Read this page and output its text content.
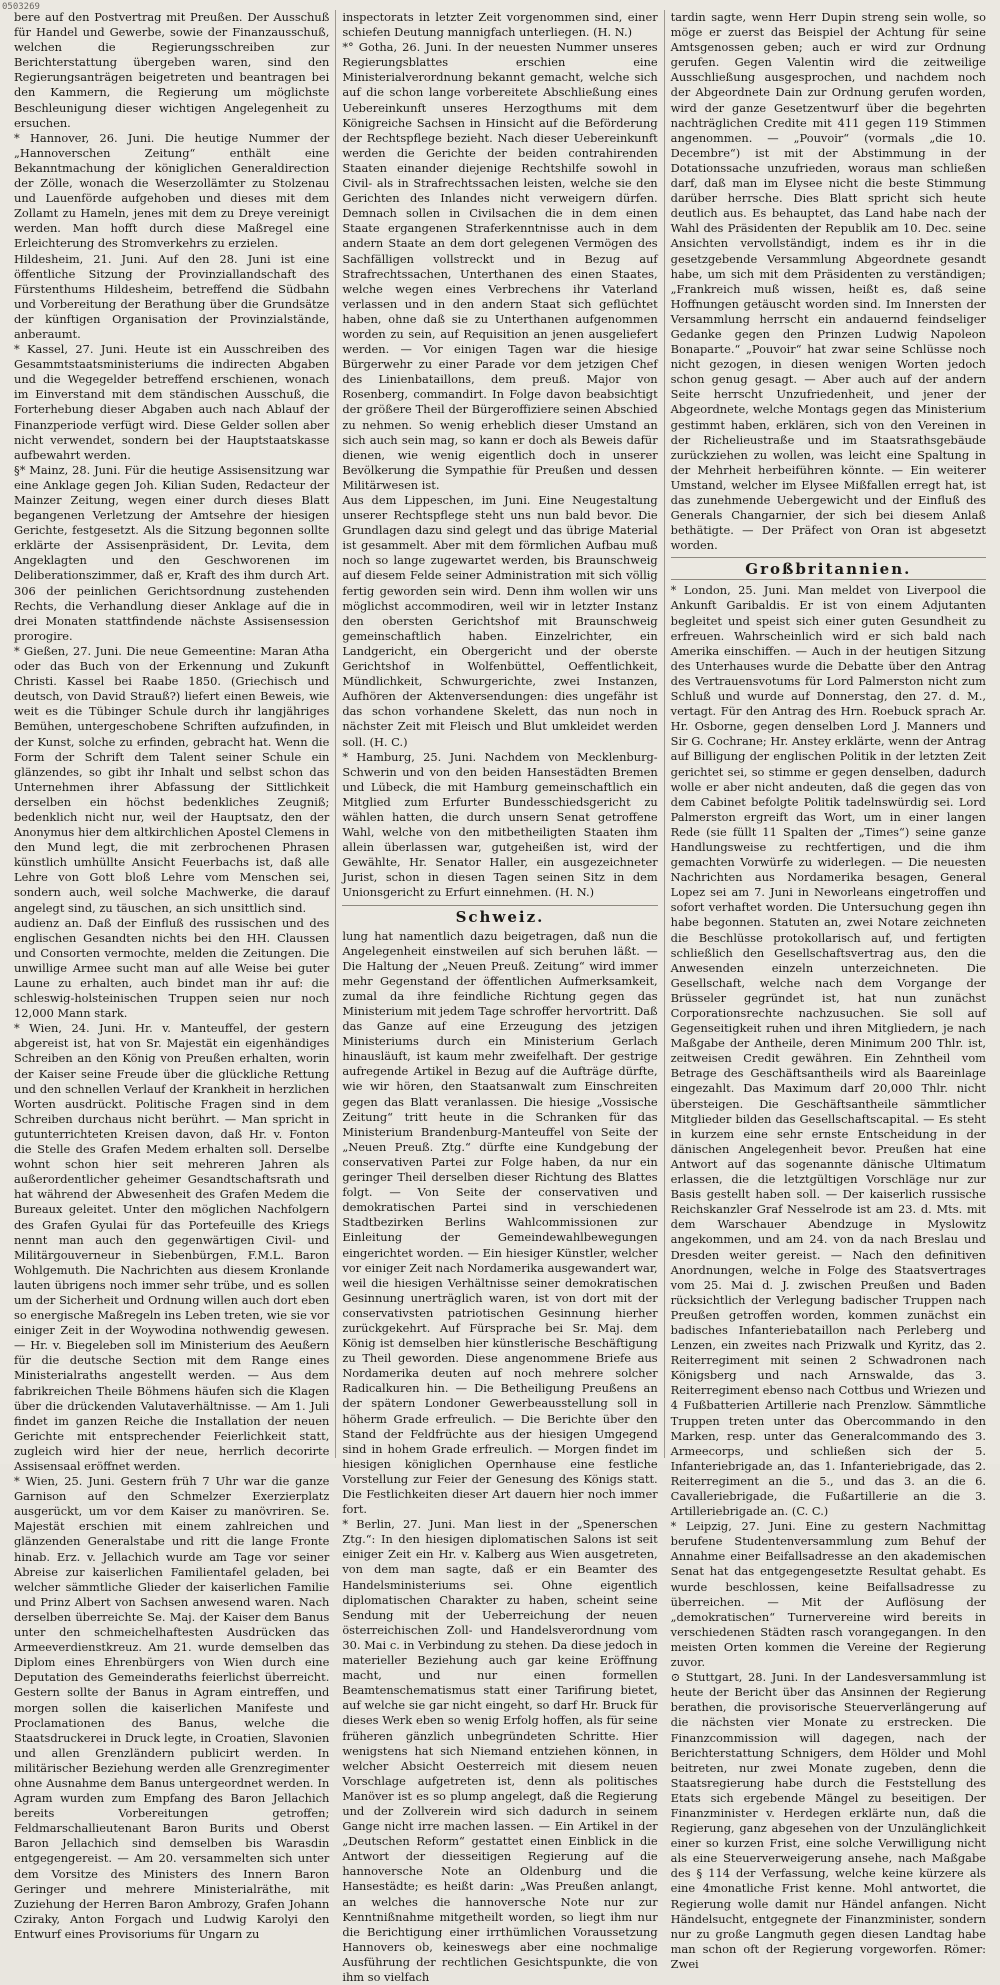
0503269

bere auf den Postvertrag mit Preußen. Der Ausschuß für Handel und Gewerbe, sowie der Finanzausschuß, welchen die Regierungsschreiben zur Berichterstattung übergeben waren, sind den Regierungsanträgen beigetreten und beantragen bei den Kammern, die Regierung um möglichste Beschleunigung dieser wichtigen Angelegenheit zu ersuchen.

* Hannover, 26. Juni. Die heutige Nummer der „Hannoverschen Zeitung“ enthält eine Bekanntmachung der königlichen Generaldirection der Zölle, wonach die Weserzollämter zu Stolzenau und Lauenförde aufgehoben und dieses mit dem Zollamt zu Hameln, jenes mit dem zu Dreye vereinigt werden. Man hofft durch diese Maßregel eine Erleichterung des Stromverkehrs zu erzielen.

Hildesheim, 21. Juni. Auf den 28. Juni ist eine öffentliche Sitzung der Provinziallandschaft des Fürstenthums Hildesheim, betreffend die Südbahn und Vorbereitung der Berathung über die Grundsätze der künftigen Organisation der Provinzialstände, anberaumt.

* Kassel, 27. Juni. Heute ist ein Ausschreiben des Gesammtstaatsministeriums die indirecten Abgaben und die Wegegelder betreffend erschienen, wonach im Einverstand mit dem ständischen Ausschuß, die Forterhebung dieser Abgaben auch nach Ablauf der Finanzperiode verfügt wird. Diese Gelder sollen aber nicht verwendet, sondern bei der Hauptstaatskasse aufbewahrt werden.

§* Mainz, 28. Juni. Für die heutige Assisensitzung war eine Anklage gegen Joh. Kilian Suden, Redacteur der Mainzer Zeitung, wegen einer durch dieses Blatt begangenen Verletzung der Amtsehre der hiesigen Gerichte, festgesetzt. Als die Sitzung begonnen sollte erklärte der Assisenpräsident, Dr. Levita, dem Angeklagten und den Geschworenen im Deliberationszimmer, daß er, Kraft des ihm durch Art. 306 der peinlichen Gerichtsordnung zustehenden Rechts, die Verhandlung dieser Anklage auf die in drei Monaten stattfindende nächste Assisensession prorogire.

* Gießen, 27. Juni. Die neue Gemeentine: Maran Atha oder das Buch von der Erkennung und Zukunft Christi. Kassel bei Raabe 1850. (Griechisch und deutsch, von David Strauß?) liefert einen Beweis, wie weit es die Tübinger Schule durch ihr langjähriges Bemühen, untergeschobene Schriften aufzufinden, in der Kunst, solche zu erfinden, gebracht hat. Wenn die Form der Schrift dem Talent seiner Schule ein glänzendes, so gibt ihr Inhalt und selbst schon das Unternehmen ihrer Abfassung der Sittlichkeit derselben ein höchst bedenkliches Zeugniß; bedenklich nicht nur, weil der Hauptsatz, den der Anonymus hier dem altkirchlichen Apostel Clemens in den Mund legt, die mit zerbrochenen Phrasen künstlich umhüllte Ansicht Feuerbachs ist, daß alle Lehre von Gott bloß Lehre vom Menschen sei, sondern auch, weil solche Machwerke, die darauf angelegt sind, zu täuschen, an sich unsittlich sind.

audienz an. Daß der Einfluß des russischen und des englischen Gesandten nichts bei den HH. Claussen und Consorten vermochte, melden die Zeitungen. Die unwillige Armee sucht man auf alle Weise bei guter Laune zu erhalten, auch bindet man ihr auf: die schleswig-holsteinischen Truppen seien nur noch 12,000 Mann stark.

* Wien, 24. Juni. Hr. v. Manteuffel, der gestern abgereist ist, hat von Sr. Majestät ein eigenhändiges Schreiben an den König von Preußen erhalten, worin der Kaiser seine Freude über die glückliche Rettung und den schnellen Verlauf der Krankheit in herzlichen Worten ausdrückt. Politische Fragen sind in dem Schreiben durchaus nicht berührt. — Man spricht in gutunterrichteten Kreisen davon, daß Hr. v. Fonton die Stelle des Grafen Medem erhalten soll. Derselbe wohnt schon hier seit mehreren Jahren als außerordentlicher geheimer Gesandtschaftsrath und hat während der Abwesenheit des Grafen Medem die Bureaux geleitet. Unter den möglichen Nachfolgern des Grafen Gyulai für das Portefeuille des Kriegs nennt man auch den gegenwärtigen Civil- und Militärgouverneur in Siebenbürgen, F.M.L. Baron Wohlgemuth. Die Nachrichten aus diesem Kronlande lauten übrigens noch immer sehr trübe, und es sollen um der Sicherheit und Ordnung willen auch dort eben so energische Maßregeln ins Leben treten, wie sie vor einiger Zeit in der Woywodina nothwendig gewesen. — Hr. v. Biegeleben soll im Ministerium des Aeußern für die deutsche Section mit dem Range eines Ministerialraths angestellt werden. — Aus dem fabrikreichen Theile Böhmens häufen sich die Klagen über die drückenden Valutaverhältnisse. — Am 1. Juli findet im ganzen Reiche die Installation der neuen Gerichte mit entsprechender Feierlichkeit statt, zugleich wird hier der neue, herrlich decorirte Assisensaal eröffnet werden.

* Wien, 25. Juni. Gestern früh 7 Uhr war die ganze Garnison auf den Schmelzer Exerzierplatz ausgerückt, um vor dem Kaiser zu manövriren. Se. Majestät erschien mit einem zahlreichen und glänzenden Generalstabe und ritt die lange Fronte hinab. Erz. v. Jellachich wurde am Tage vor seiner Abreise zur kaiserlichen Familientafel geladen, bei welcher sämmtliche Glieder der kaiserlichen Familie und Prinz Albert von Sachsen anwesend waren. Nach derselben überreichte Se. Maj. der Kaiser dem Banus unter den schmeichelhaftesten Ausdrücken das Armeeverdienstkreuz. Am 21. wurde demselben das Diplom eines Ehrenbürgers von Wien durch eine Deputation des Gemeinderaths feierlichst überreicht. Gestern sollte der Banus in Agram eintreffen, und morgen sollen die kaiserlichen Manifeste und Proclamationen des Banus, welche die Staatsdruckerei in Druck legte, in Croatien, Slavonien und allen Grenzländern publicirt werden. In militärischer Beziehung werden alle Grenzregimenter ohne Ausnahme dem Banus untergeordnet werden. In Agram wurden zum Empfang des Baron Jellachich bereits Vorbereitungen getroffen; Feldmarschallieutenant Baron Burits und Oberst Baron Jellachich sind demselben bis Warasdin entgegengereist. — Am 20. versammelten sich unter dem Vorsitze des Ministers des Innern Baron Geringer und mehrere Ministerialräthe, mit Zuziehung der Herren Baron Ambrozy, Grafen Johann Cziraky, Anton Forgach und Ludwig Karolyi den Entwurf eines Provisoriums für Ungarn zu

inspectorats in letzter Zeit vorgenommen sind, einer schiefen Deutung mannigfach unterliegen. (H. N.)

*° Gotha, 26. Juni. In der neuesten Nummer unseres Regierungsblattes erschien eine Ministerialverordnung bekannt gemacht, welche sich auf die schon lange vorbereitete Abschließung eines Uebereinkunft unseres Herzogthums mit dem Königreiche Sachsen in Hinsicht auf die Beförderung der Rechtspflege bezieht. Nach dieser Uebereinkunft werden die Gerichte der beiden contrahirenden Staaten einander diejenige Rechtshilfe sowohl in Civil- als in Strafrechtssachen leisten, welche sie den Gerichten des Inlandes nicht verweigern dürfen. Demnach sollen in Civilsachen die in dem einen Staate ergangenen Straferkenntnisse auch in dem andern Staate an dem dort gelegenen Vermögen des Sachfälligen vollstreckt und in Bezug auf Strafrechtssachen, Unterthanen des einen Staates, welche wegen eines Verbrechens ihr Vaterland verlassen und in den andern Staat sich geflüchtet haben, ohne daß sie zu Unterthanen aufgenommen worden zu sein, auf Requisition an jenen ausgeliefert werden. — Vor einigen Tagen war die hiesige Bürgerwehr zu einer Parade vor dem jetzigen Chef des Linienbataillons, dem preuß. Major von Rosenberg, commandirt. In Folge davon beabsichtigt der größere Theil der Bürgeroffiziere seinen Abschied zu nehmen. So wenig erheblich dieser Umstand an sich auch sein mag, so kann er doch als Beweis dafür dienen, wie wenig eigentlich doch in unserer Bevölkerung die Sympathie für Preußen und dessen Militärwesen ist.

Aus dem Lippeschen, im Juni. Eine Neugestaltung unserer Rechtspflege steht uns nun bald bevor. Die Grundlagen dazu sind gelegt und das übrige Material ist gesammelt. Aber mit dem förmlichen Aufbau muß noch so lange zugewartet werden, bis Braunschweig auf diesem Felde seiner Administration mit sich völlig fertig geworden sein wird. Denn ihm wollen wir uns möglichst accommodiren, weil wir in letzter Instanz den obersten Gerichtshof mit Braunschweig gemeinschaftlich haben. Einzelrichter, ein Landgericht, ein Obergericht und der oberste Gerichtshof in Wolfenbüttel, Oeffentlichkeit, Mündlichkeit, Schwurgerichte, zwei Instanzen, Aufhören der Aktenversendungen: dies ungefähr ist das schon vorhandene Skelett, das nun noch in nächster Zeit mit Fleisch und Blut umkleidet werden soll. (H. C.)

* Hamburg, 25. Juni. Nachdem von Mecklenburg-Schwerin und von den beiden Hansestädten Bremen und Lübeck, die mit Hamburg gemeinschaftlich ein Mitglied zum Erfurter Bundesschiedsgericht zu wählen hatten, die durch unsern Senat getroffene Wahl, welche von den mitbetheiligten Staaten ihm allein überlassen war, gutgeheißen ist, wird der Gewählte, Hr. Senator Haller, ein ausgezeichneter Jurist, schon in diesen Tagen seinen Sitz in dem Unionsgericht zu Erfurt einnehmen. (H. N.)

Schweiz.

lung hat namentlich dazu beigetragen, daß nun die Angelegenheit einstweilen auf sich beruhen läßt. — Die Haltung der „Neuen Preuß. Zeitung“ wird immer mehr Gegenstand der öffentlichen Aufmerksamkeit, zumal da ihre feindliche Richtung gegen das Ministerium mit jedem Tage schroffer hervortritt. Daß das Ganze auf eine Erzeugung des jetzigen Ministeriums durch ein Ministerium Gerlach hinausläuft, ist kaum mehr zweifelhaft. Der gestrige aufregende Artikel in Bezug auf die Aufträge dürfte, wie wir hören, den Staatsanwalt zum Einschreiten gegen das Blatt veranlassen. Die hiesige „Vossische Zeitung“ tritt heute in die Schranken für das Ministerium Brandenburg-Manteuffel von Seite der „Neuen Preuß. Ztg.“ dürfte eine Kundgebung der conservativen Partei zur Folge haben, da nur ein geringer Theil derselben dieser Richtung des Blattes folgt. — Von Seite der conservativen und demokratischen Partei sind in verschiedenen Stadtbezirken Berlins Wahlcommissionen zur Einleitung der Gemeindewahlbewegungen eingerichtet worden. — Ein hiesiger Künstler, welcher vor einiger Zeit nach Nordamerika ausgewandert war, weil die hiesigen Verhältnisse seiner demokratischen Gesinnung unerträglich waren, ist von dort mit der conservativsten patriotischen Gesinnung hierher zurückgekehrt. Auf Fürsprache bei Sr. Maj. dem König ist demselben hier künstlerische Beschäftigung zu Theil geworden. Diese angenommene Briefe aus Nordamerika deuten auf noch mehrere solcher Radicalkuren hin. — Die Betheiligung Preußens an der spätern Londoner Gewerbeausstellung soll in höherm Grade erfreulich. — Die Berichte über den Stand der Feldfrüchte aus der hiesigen Umgegend sind in hohem Grade erfreulich. — Morgen findet im hiesigen königlichen Opernhause eine festliche Vorstellung zur Feier der Genesung des Königs statt. Die Festlichkeiten dieser Art dauern hier noch immer fort.

* Berlin, 27. Juni. Man liest in der „Spenerschen Ztg.“: In den hiesigen diplomatischen Salons ist seit einiger Zeit ein Hr. v. Kalberg aus Wien ausgetreten, von dem man sagte, daß er ein Beamter des Handelsministeriums sei. Ohne eigentlich diplomatischen Charakter zu haben, scheint seine Sendung mit der Ueberreichung der neuen österreichischen Zoll- und Handelsverordnung vom 30. Mai c. in Verbindung zu stehen. Da diese jedoch in materieller Beziehung auch gar keine Eröffnung macht, und nur einen formellen Beamtenschematismus statt einer Tarifirung bietet, auf welche sie gar nicht eingeht, so darf Hr. Bruck für dieses Werk eben so wenig Erfolg hoffen, als für seine früheren gänzlich unbegründeten Schritte. Hier wenigstens hat sich Niemand entziehen können, in welcher Absicht Oesterreich mit diesem neuen Vorschlage aufgetreten ist, denn als politisches Manöver ist es so plump angelegt, daß die Regierung und der Zollverein wird sich dadurch in seinem Gange nicht irre machen lassen. — Ein Artikel in der „Deutschen Reform“ gestattet einen Einblick in die Antwort der diesseitigen Regierung auf die hannoversche Note an Oldenburg und die Hansestädte; es heißt darin: „Was Preußen anlangt, an welches die hannoversche Note nur zur Kenntnißnahme mitgetheilt worden, so liegt ihm nur die Berichtigung einer irrthümlichen Voraussetzung Hannovers ob, keineswegs aber eine nochmalige Ausführung der rechtlichen Gesichtspunkte, die von ihm so vielfach

tardin sagte, wenn Herr Dupin streng sein wolle, so möge er zuerst das Beispiel der Achtung für seine Amtsgenossen geben; auch er wird zur Ordnung gerufen. Gegen Valentin wird die zeitweilige Ausschließung ausgesprochen, und nachdem noch der Abgeordnete Dain zur Ordnung gerufen worden, wird der ganze Gesetzentwurf über die begehrten nachträglichen Credite mit 411 gegen 119 Stimmen angenommen. — „Pouvoir“ (vormals „die 10. Decembre“) ist mit der Abstimmung in der Dotationssache unzufrieden, woraus man schließen darf, daß man im Elysee nicht die beste Stimmung darüber herrsche. Dies Blatt spricht sich heute deutlich aus. Es behauptet, das Land habe nach der Wahl des Präsidenten der Republik am 10. Dec. seine Ansichten vervollständigt, indem es ihr in die gesetzgebende Versammlung Abgeordnete gesandt habe, um sich mit dem Präsidenten zu verständigen; „Frankreich muß wissen, heißt es, daß seine Hoffnungen getäuscht worden sind. Im Innersten der Versammlung herrscht ein andauernd feindseliger Gedanke gegen den Prinzen Ludwig Napoleon Bonaparte.“ „Pouvoir“ hat zwar seine Schlüsse noch nicht gezogen, in diesen wenigen Worten jedoch schon genug gesagt. — Aber auch auf der andern Seite herrscht Unzufriedenheit, und jener der Abgeordnete, welche Montags gegen das Ministerium gestimmt haben, erklären, sich von den Vereinen in der Richelieustraße und im Staatsrathsgebäude zurückziehen zu wollen, was leicht eine Spaltung in der Mehrheit herbeiführen könnte. — Ein weiterer Umstand, welcher im Elysee Mißfallen erregt hat, ist das zunehmende Uebergewicht und der Einfluß des Generals Changarnier, der sich bei diesem Anlaß bethätigte. — Der Präfect von Oran ist abgesetzt worden.

Großbritannien.

* London, 25. Juni. Man meldet von Liverpool die Ankunft Garibaldis. Er ist von einem Adjutanten begleitet und speist sich einer guten Gesundheit zu erfreuen. Wahrscheinlich wird er sich bald nach Amerika einschiffen. — Auch in der heutigen Sitzung des Unterhauses wurde die Debatte über den Antrag des Vertrauensvotums für Lord Palmerston nicht zum Schluß und wurde auf Donnerstag, den 27. d. M., vertagt. Für den Antrag des Hrn. Roebuck sprach Ar. Hr. Osborne, gegen denselben Lord J. Manners und Sir G. Cochrane; Hr. Anstey erklärte, wenn der Antrag auf Billigung der englischen Politik in der letzten Zeit gerichtet sei, so stimme er gegen denselben, dadurch wolle er aber nicht andeuten, daß die gegen das von dem Cabinet befolgte Politik tadelnswürdig sei. Lord Palmerston ergreift das Wort, um in einer langen Rede (sie füllt 11 Spalten der „Times“) seine ganze Handlungsweise zu rechtfertigen, und die ihm gemachten Vorwürfe zu widerlegen. — Die neuesten Nachrichten aus Nordamerika besagen, General Lopez sei am 7. Juni in Neworleans eingetroffen und sofort verhaftet worden. Die Untersuchung gegen ihn habe begonnen. Statuten an, zwei Notare zeichneten die Beschlüsse protokollarisch auf, und fertigten schließlich den Gesellschaftsvertrag aus, den die Anwesenden einzeln unterzeichneten. Die Gesellschaft, welche nach dem Vorgange der Brüsseler gegründet ist, hat nun zunächst Corporationsrechte nachzusuchen. Sie soll auf Gegenseitigkeit ruhen und ihren Mitgliedern, je nach Maßgabe der Antheile, deren Minimum 200 Thlr. ist, zeitweisen Credit gewähren. Ein Zehntheil vom Betrage des Geschäftsantheils wird als Baareinlage eingezahlt. Das Maximum darf 20,000 Thlr. nicht übersteigen. Die Geschäftsantheile sämmtlicher Mitglieder bilden das Gesellschaftscapital. — Es steht in kurzem eine sehr ernste Entscheidung in der dänischen Angelegenheit bevor. Preußen hat eine Antwort auf das sogenannte dänische Ultimatum erlassen, die die letztgültigen Vorschläge nur zur Basis gestellt haben soll. — Der kaiserlich russische Reichskanzler Graf Nesselrode ist am 23. d. Mts. mit dem Warschauer Abendzuge in Myslowitz angekommen, und am 24. von da nach Breslau und Dresden weiter gereist. — Nach den definitiven Anordnungen, welche in Folge des Staatsvertrages vom 25. Mai d. J. zwischen Preußen und Baden rücksichtlich der Verlegung badischer Truppen nach Preußen getroffen worden, kommen zunächst ein badisches Infanteriebataillon nach Perleberg und Lenzen, ein zweites nach Prizwalk und Kyritz, das 2. Reiterregiment mit seinen 2 Schwadronen nach Königsberg und nach Arnswalde, das 3. Reiterregiment ebenso nach Cottbus und Wriezen und 4 Fußbatterien Artillerie nach Prenzlow. Sämmtliche Truppen treten unter das Obercommando in den Marken, resp. unter das Generalcommando des 3. Armeecorps, und schließen sich der 5. Infanteriebrigade an, das 1. Infanteriebrigade, das 2. Reiterregiment an die 5., und das 3. an die 6. Cavalleriebrigade, die Fußartillerie an die 3. Artilleriebrigade an. (C. C.)

* Leipzig, 27. Juni. Eine zu gestern Nachmittag berufene Studentenversammlung zum Behuf der Annahme einer Beifallsadresse an den akademischen Senat hat das entgegengesetzte Resultat gehabt. Es wurde beschlossen, keine Beifallsadresse zu überreichen. — Mit der Auflösung der „demokratischen“ Turnervereine wird bereits in verschiedenen Städten rasch vorangegangen. In den meisten Orten kommen die Vereine der Regierung zuvor.

⊙ Stuttgart, 28. Juni. In der Landesversammlung ist heute der Bericht über das Ansinnen der Regierung berathen, die provisorische Steuerverlängerung auf die nächsten vier Monate zu erstrecken. Die Finanzcommission will dagegen, nach der Berichterstattung Schnigers, dem Hölder und Mohl beitreten, nur zwei Monate zugeben, denn die Staatsregierung habe durch die Feststellung des Etats sich ergebende Mängel zu beseitigen. Der Finanzminister v. Herdegen erklärte nun, daß die Regierung, ganz abgesehen von der Unzulänglichkeit einer so kurzen Frist, eine solche Verwilligung nicht als eine Steuerverweigerung ansehe, nach Maßgabe des § 114 der Verfassung, welche keine kürzere als eine 4monatliche Frist kenne. Mohl antwortet, die Regierung wolle damit nur Händel anfangen. Nicht Händelsucht, entgegnete der Finanzminister, sondern nur zu große Langmuth gegen diesen Landtag habe man schon oft der Regierung vorgeworfen. Römer: Zwei
